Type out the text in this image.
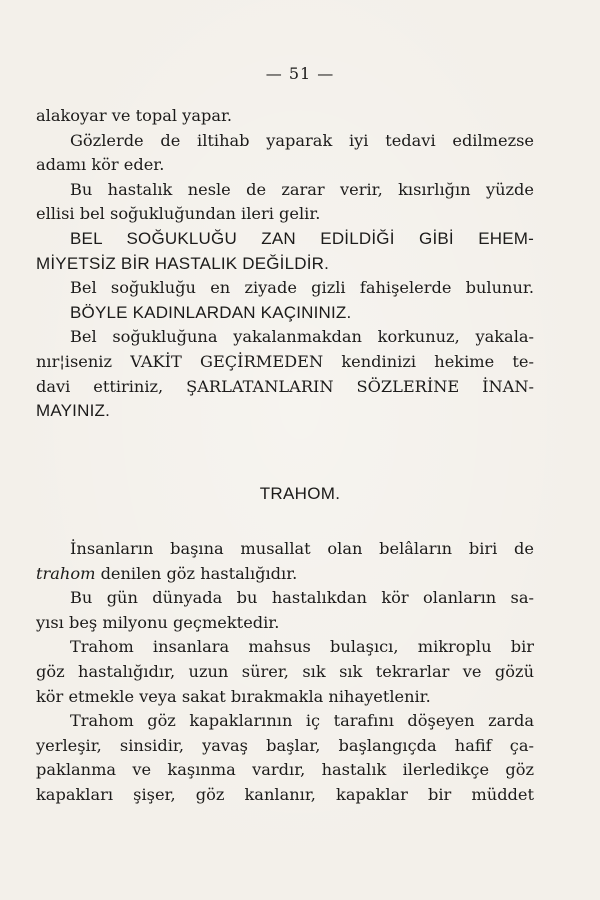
— 51 —
alakoyar ve topal yapar.
Gözlerde de iltihab yaparak iyi tedavi edilmezse
adamı kör eder.
Bu hastalık nesle de zarar verir, kısırlığın yüzde
ellisi bel soğukluğundan ileri gelir.
BEL SOĞUKLUĞU ZAN EDİLDİĞİ GİBİ EHEM-
MİYETSİZ BİR HASTALIK DEĞİLDİR.
Bel soğukluğu en ziyade gizli fahişelerde bulunur.
BÖYLE KADINLARDAN KAÇININIZ.
Bel soğukluğuna yakalanmakdan korkunuz, yakala-
nır¦iseniz VAKİT GEÇİRMEDEN kendinizi hekime te-
davi ettiriniz, ŞARLATANLARIN SÖZLERİNE İNAN-
MAYINIZ.
TRAHOM.
İnsanların başına musallat olan belâların biri de
trahom denilen göz hastalığıdır.
Bu gün dünyada bu hastalıkdan kör olanların sa-
yısı beş milyonu geçmektedir.
Trahom insanlara mahsus bulaşıcı, mikroplu bir
göz hastalığıdır, uzun sürer, sık sık tekrarlar ve gözü
kör etmekle veya sakat bırakmakla nihayetlenir.
Trahom göz kapaklarının iç tarafını döşeyen zarda
yerleşir, sinsidir, yavaş başlar, başlangıçda hafif ça-
paklanma ve kaşınma vardır, hastalık ilerledikçe göz
kapakları şişer, göz kanlanır, kapaklar bir müddet
